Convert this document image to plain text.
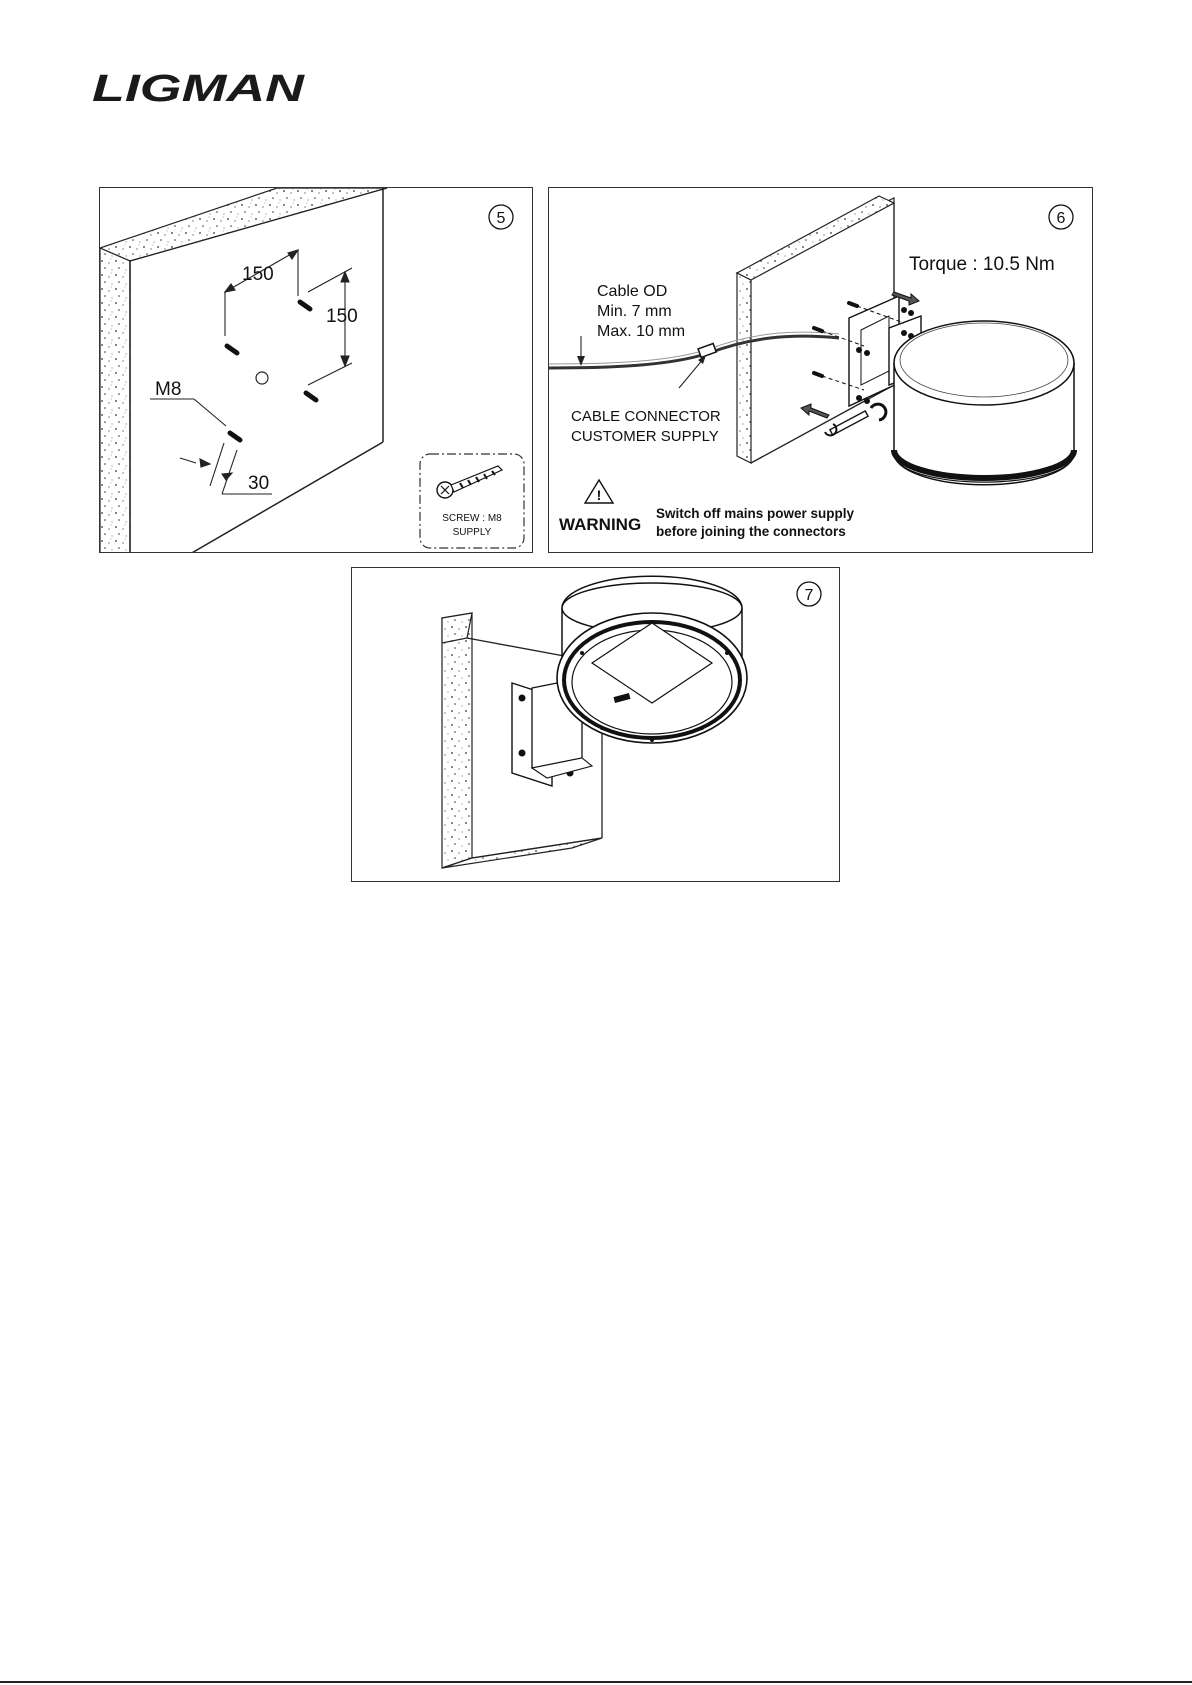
LIGMAN
150
150
M8
30
5
SCREW : M8
SUPPLY
Torque : 10.5 Nm
Cable OD
Min. 7 mm
Max. 10 mm
CABLE CONNECTOR
CUSTOMER SUPPLY
!
WARNING
Switch off mains power supply
before joining the connectors
6
7
